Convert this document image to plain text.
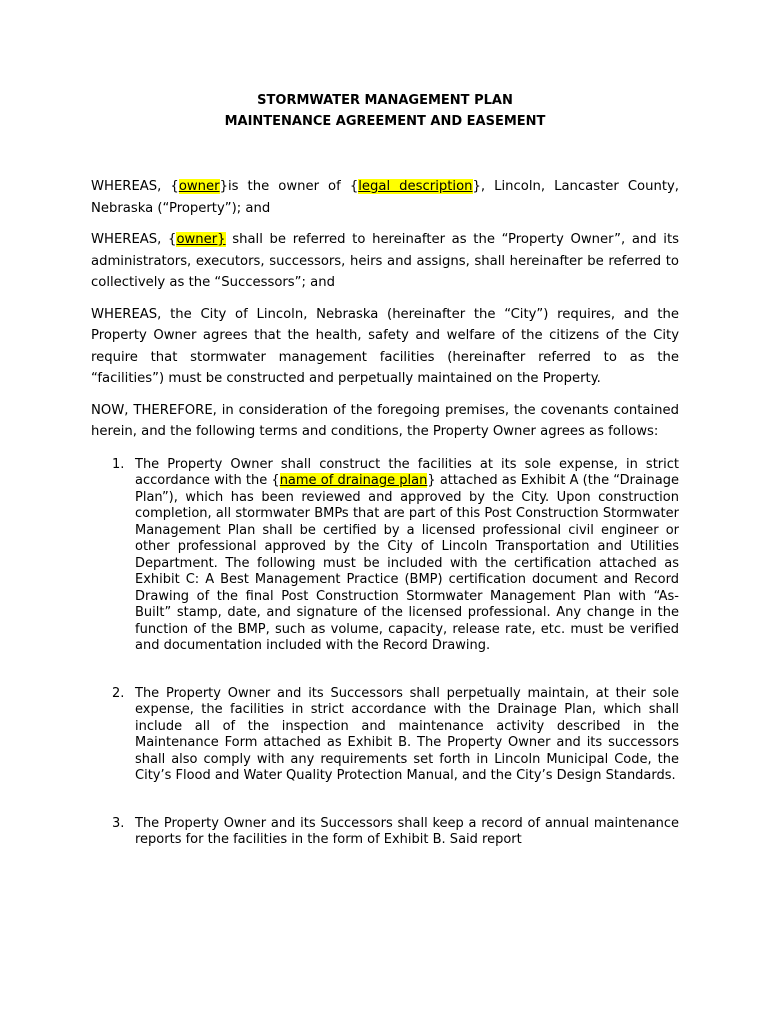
STORMWATER MANAGEMENT PLAN

MAINTENANCE AGREEMENT AND EASEMENT

WHEREAS, {owner}is the owner of {legal description}, Lincoln, Lancaster County, Nebraska (“Property”); and

WHEREAS, {owner} shall be referred to hereinafter as the “Property Owner”, and its administrators, executors, successors, heirs and assigns, shall hereinafter be referred to collectively as the “Successors”; and

WHEREAS, the City of Lincoln, Nebraska (hereinafter the “City”) requires, and the Property Owner agrees that the health, safety and welfare of the citizens of the City require that stormwater management facilities (hereinafter referred to as the “facilities”) must be constructed and perpetually maintained on the Property.

NOW, THEREFORE, in consideration of the foregoing premises, the covenants contained herein, and the following terms and conditions, the Property Owner agrees as follows:

1. The Property Owner shall construct the facilities at its sole expense, in strict accordance with the {name of drainage plan} attached as Exhibit A (the “Drainage Plan”), which has been reviewed and approved by the City. Upon construction completion, all stormwater BMPs that are part of this Post Construction Stormwater Management Plan shall be certified by a licensed professional civil engineer or other professional approved by the City of Lincoln Transportation and Utilities Department. The following must be included with the certification attached as Exhibit C: A Best Management Practice (BMP) certification document and Record Drawing of the final Post Construction Stormwater Management Plan with “As-Built” stamp, date, and signature of the licensed professional. Any change in the function of the BMP, such as volume, capacity, release rate, etc. must be verified and documentation included with the Record Drawing.
2. The Property Owner and its Successors shall perpetually maintain, at their sole expense, the facilities in strict accordance with the Drainage Plan, which shall include all of the inspection and maintenance activity described in the Maintenance Form attached as Exhibit B. The Property Owner and its successors shall also comply with any requirements set forth in Lincoln Municipal Code, the City’s Flood and Water Quality Protection Manual, and the City’s Design Standards.
3. The Property Owner and its Successors shall keep a record of annual maintenance reports for the facilities in the form of Exhibit B. Said report
